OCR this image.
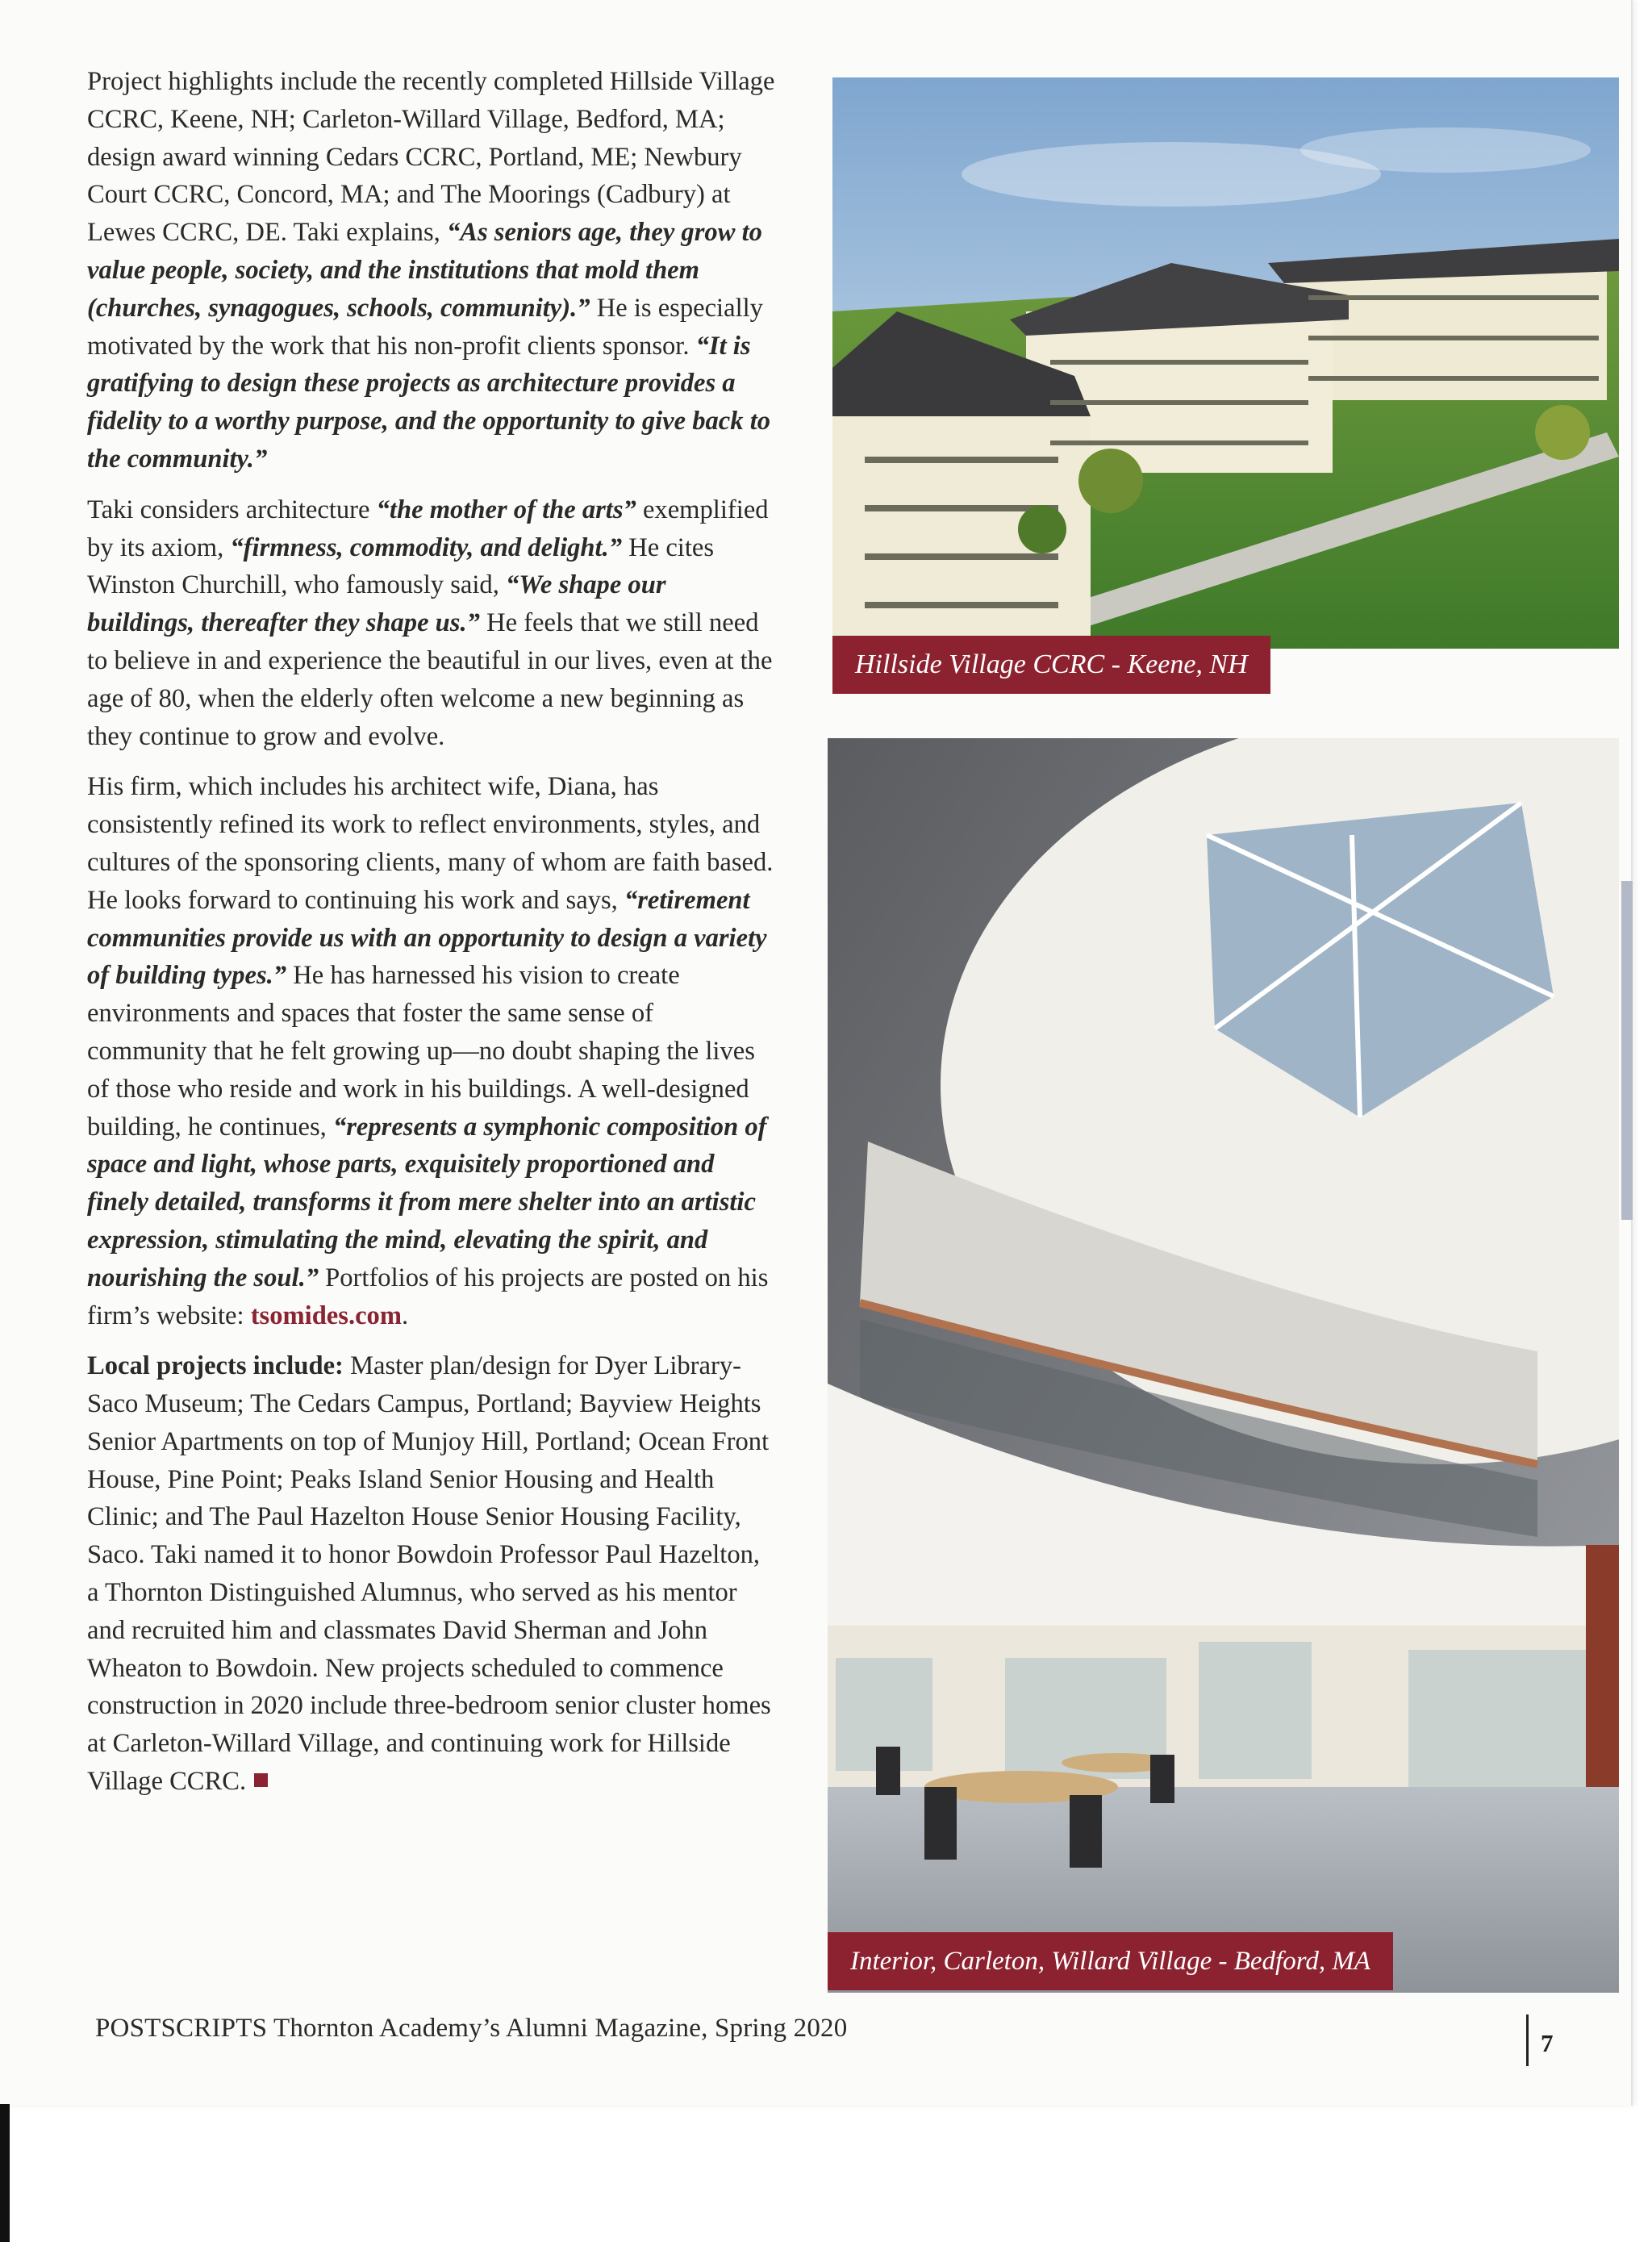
Project highlights include the recently completed Hillside Village CCRC, Keene, NH; Carleton-Willard Village, Bedford, MA; design award winning Cedars CCRC, Portland, ME; Newbury Court CCRC, Concord, MA; and The Moorings (Cadbury) at Lewes CCRC, DE. Taki explains, “As seniors age, they grow to value people, society, and the institutions that mold them (churches, synagogues, schools, community).” He is especially motivated by the work that his non-profit clients sponsor. “It is gratifying to design these projects as architecture provides a fidelity to a worthy purpose, and the opportunity to give back to the community.”

Taki considers architecture “the mother of the arts” exemplified by its axiom, “firmness, commodity, and delight.” He cites Winston Churchill, who famously said, “We shape our buildings, thereafter they shape us.” He feels that we still need to believe in and experience the beautiful in our lives, even at the age of 80, when the elderly often welcome a new beginning as they continue to grow and evolve.

His firm, which includes his architect wife, Diana, has consistently refined its work to reflect environments, styles, and cultures of the sponsoring clients, many of whom are faith based. He looks forward to continuing his work and says, “retirement communities provide us with an opportunity to design a variety of building types.” He has harnessed his vision to create environments and spaces that foster the same sense of community that he felt growing up—no doubt shaping the lives of those who reside and work in his buildings. A well-designed building, he continues, “represents a symphonic composition of space and light, whose parts, exquisitely proportioned and finely detailed, transforms it from mere shelter into an artistic expression, stimulating the mind, elevating the spirit, and nourishing the soul.” Portfolios of his projects are posted on his firm’s website: tsomides.com.

Local projects include: Master plan/design for Dyer Library-Saco Museum; The Cedars Campus, Portland; Bayview Heights Senior Apartments on top of Munjoy Hill, Portland; Ocean Front House, Pine Point; Peaks Island Senior Housing and Health Clinic; and The Paul Hazelton House Senior Housing Facility, Saco. Taki named it to honor Bowdoin Professor Paul Hazelton, a Thornton Distinguished Alumnus, who served as his mentor and recruited him and classmates David Sherman and John Wheaton to Bowdoin. New projects scheduled to commence construction in 2020 include three-bedroom senior cluster homes at Carleton-Willard Village, and continuing work for Hillside Village CCRC.

Hillside Village CCRC - Keene, NH
Interior, Carleton, Willard Village - Bedford, MA
POSTSCRIPTS Thornton Academy’s Alumni Magazine, Spring 2020
7
